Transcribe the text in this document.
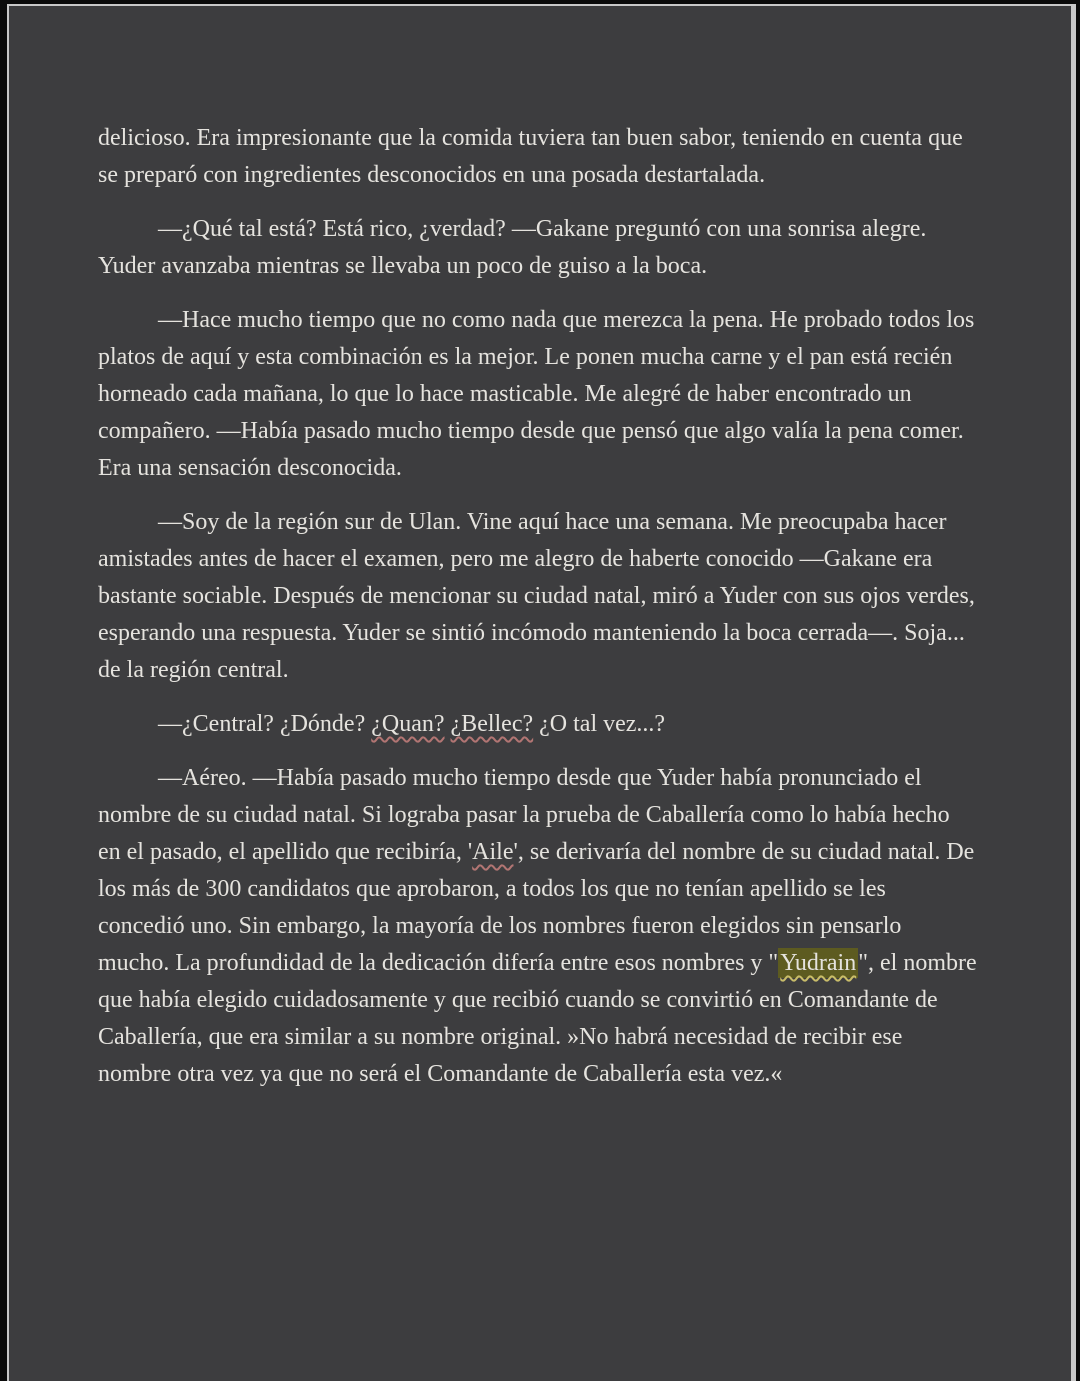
delicioso. Era impresionante que la comida tuviera tan buen sabor, teniendo en cuenta que se preparó con ingredientes desconocidos en una posada destartalada.

—¿Qué tal está? Está rico, ¿verdad? —Gakane preguntó con una sonrisa alegre. Yuder avanzaba mientras se llevaba un poco de guiso a la boca.

—Hace mucho tiempo que no como nada que merezca la pena. He probado todos los platos de aquí y esta combinación es la mejor. Le ponen mucha carne y el pan está recién horneado cada mañana, lo que lo hace masticable. Me alegré de haber encontrado un compañero. —Había pasado mucho tiempo desde que pensó que algo valía la pena comer. Era una sensación desconocida.

—Soy de la región sur de Ulan. Vine aquí hace una semana. Me preocupaba hacer amistades antes de hacer el examen, pero me alegro de haberte conocido —Gakane era bastante sociable. Después de mencionar su ciudad natal, miró a Yuder con sus ojos verdes, esperando una respuesta. Yuder se sintió incómodo manteniendo la boca cerrada—. Soja... de la región central.

—¿Central? ¿Dónde? ¿Quan? ¿Bellec? ¿O tal vez...?

—Aéreo. —Había pasado mucho tiempo desde que Yuder había pronunciado el nombre de su ciudad natal. Si lograba pasar la prueba de Caballería como lo había hecho en el pasado, el apellido que recibiría, 'Aile', se derivaría del nombre de su ciudad natal. De los más de 300 candidatos que aprobaron, a todos los que no tenían apellido se les concedió uno. Sin embargo, la mayoría de los nombres fueron elegidos sin pensarlo mucho. La profundidad de la dedicación difería entre esos nombres y "Yudrain", el nombre que había elegido cuidadosamente y que recibió cuando se convirtió en Comandante de Caballería, que era similar a su nombre original. »No habrá necesidad de recibir ese nombre otra vez ya que no será el Comandante de Caballería esta vez.«
